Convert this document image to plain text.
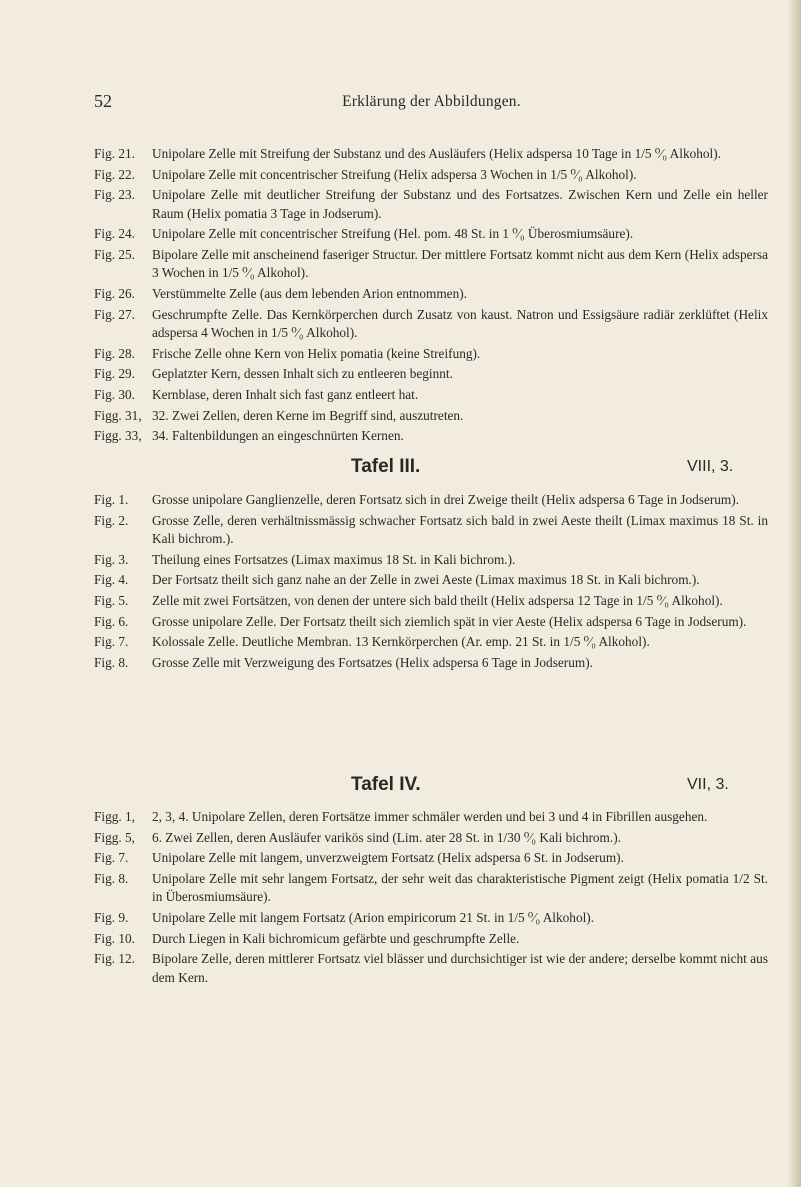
52	Erklärung der Abbildungen.
Fig. 21.	Unipolare Zelle mit Streifung der Substanz und des Ausläufers (Helix adspersa 10 Tage in 1/5 ⁰⁄₀ Alkohol).
Fig. 22.	Unipolare Zelle mit concentrischer Streifung (Helix adspersa 3 Wochen in 1/5 ⁰⁄₀ Alkohol).
Fig. 23.	Unipolare Zelle mit deutlicher Streifung der Substanz und des Fortsatzes. Zwischen Kern und Zelle ein heller Raum (Helix pomatia 3 Tage in Jodserum).
Fig. 24.	Unipolare Zelle mit concentrischer Streifung (Hel. pom. 48 St. in 1 ⁰⁄₀ Überosmiumsäure).
Fig. 25.	Bipolare Zelle mit anscheinend faseriger Structur. Der mittlere Fortsatz kommt nicht aus dem Kern (Helix adspersa 3 Wochen in 1/5 ⁰⁄₀ Alkohol).
Fig. 26.	Verstümmelte Zelle (aus dem lebenden Arion entnommen).
Fig. 27.	Geschrumpfte Zelle. Das Kernkörperchen durch Zusatz von kaust. Natron und Essigsäure radiär zerklüftet (Helix adspersa 4 Wochen in 1/5 ⁰⁄₀ Alkohol).
Fig. 28.	Frische Zelle ohne Kern von Helix pomatia (keine Streifung).
Fig. 29.	Geplatzter Kern, dessen Inhalt sich zu entleeren beginnt.
Fig. 30.	Kernblase, deren Inhalt sich fast ganz entleert hat.
Figg. 31, 32. Zwei Zellen, deren Kerne im Begriff sind, auszutreten.
Figg. 33, 34. Faltenbildungen an eingeschnürten Kernen.
Tafel III.	VIII, 3.
Fig. 1.	Grosse unipolare Ganglienzelle, deren Fortsatz sich in drei Zweige theilt (Helix adspersa 6 Tage in Jodserum).
Fig. 2.	Grosse Zelle, deren verhältnissmässig schwacher Fortsatz sich bald in zwei Aeste theilt (Limax maximus 18 St. in Kali bichrom.).
Fig. 3.	Theilung eines Fortsatzes (Limax maximus 18 St. in Kali bichrom.).
Fig. 4.	Der Fortsatz theilt sich ganz nahe an der Zelle in zwei Aeste (Limax maximus 18 St. in Kali bichrom.).
Fig. 5.	Zelle mit zwei Fortsätzen, von denen der untere sich bald theilt (Helix adspersa 12 Tage in 1/5 ⁰⁄₀ Alkohol).
Fig. 6.	Grosse unipolare Zelle. Der Fortsatz theilt sich ziemlich spät in vier Aeste (Helix adspersa 6 Tage in Jodserum).
Fig. 7.	Kolossale Zelle. Deutliche Membran. 13 Kernkörperchen (Ar. emp. 21 St. in 1/5 ⁰⁄₀ Alkohol).
Fig. 8.	Grosse Zelle mit Verzweigung des Fortsatzes (Helix adspersa 6 Tage in Jodserum).
Tafel IV.	VII, 3.
Figg. 1,	2, 3, 4. Unipolare Zellen, deren Fortsätze immer schmäler werden und bei 3 und 4 in Fibrillen ausgehen.
Figg. 5,	6. Zwei Zellen, deren Ausläufer varikös sind (Lim. ater 28 St. in 1/30 ⁰⁄₀ Kali bichrom.).
Fig. 7.	Unipolare Zelle mit langem, unverzweigtem Fortsatz (Helix adspersa 6 St. in Jodserum).
Fig. 8.	Unipolare Zelle mit sehr langem Fortsatz, der sehr weit das charakteristische Pigment zeigt (Helix pomatia 1/2 St. in Überosmiumsäure).
Fig. 9.	Unipolare Zelle mit langem Fortsatz (Arion empiricorum 21 St. in 1/5 ⁰⁄₀ Alkohol).
Fig. 10.	Durch Liegen in Kali bichromicum gefärbte und geschrumpfte Zelle.
Fig. 12.	Bipolare Zelle, deren mittlerer Fortsatz viel blässer und durchsichtiger ist wie der andere; derselbe kommt nicht aus dem Kern.
